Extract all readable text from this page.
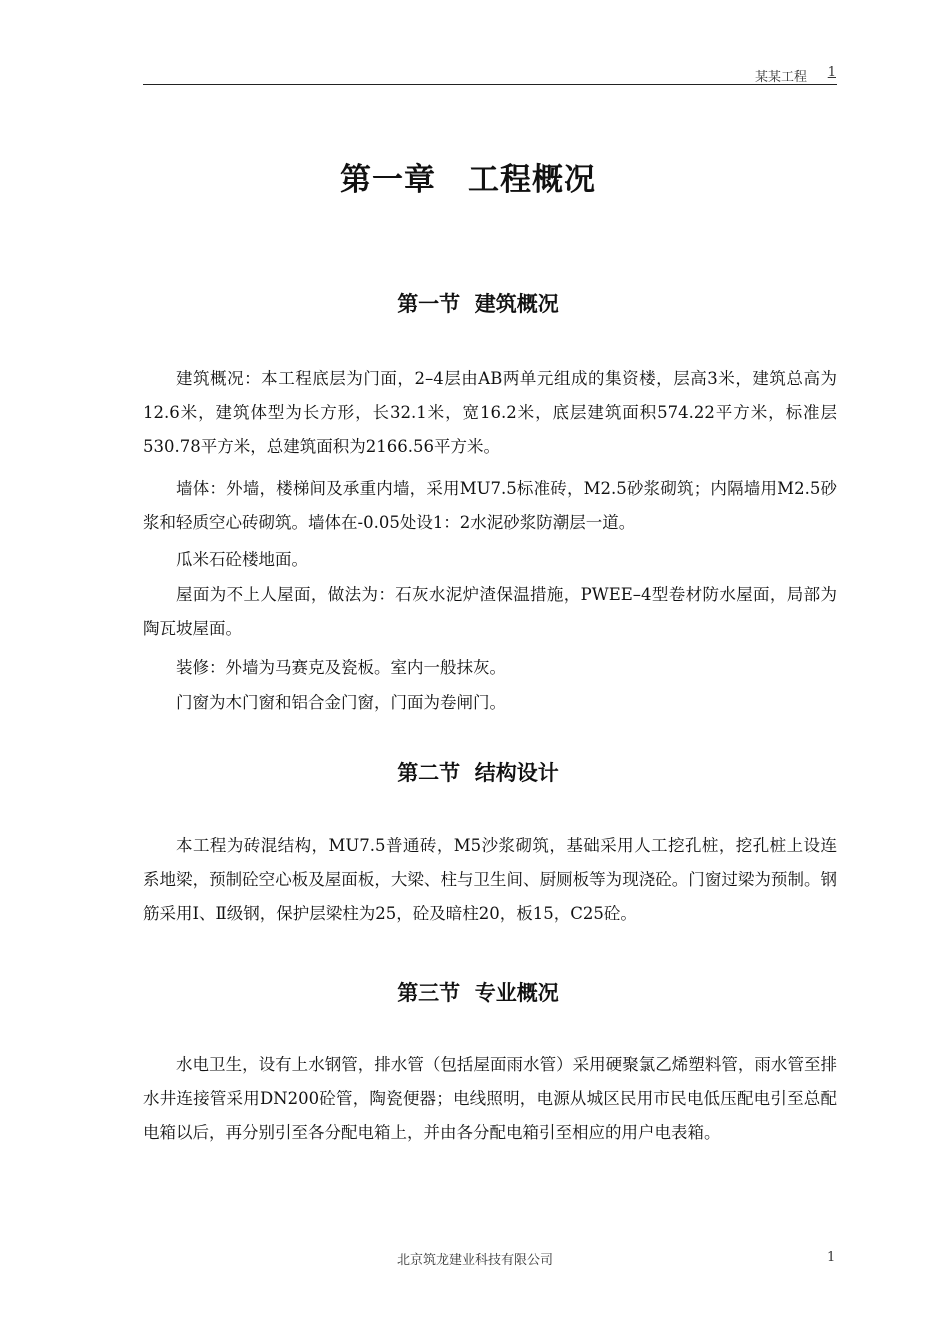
某某工程 1
第一章　工程概况
第一节  建筑概况

建筑概况：本工程底层为门面，2–4层由AB两单元组成的集资楼，层高3米，建筑总高为12.6米，建筑体型为长方形，长32.1米，宽16.2米，底层建筑面积574.22平方米，标准层530.78平方米，总建筑面积为2166.56平方米。

墙体：外墙，楼梯间及承重内墙，采用MU7.5标准砖，M2.5砂浆砌筑；内隔墙用M2.5砂浆和轻质空心砖砌筑。墙体在-0.05处设1：2水泥砂浆防潮层一道。

瓜米石砼楼地面。

屋面为不上人屋面，做法为：石灰水泥炉渣保温措施，PWEE–4型卷材防水屋面，局部为陶瓦坡屋面。

装修：外墙为马赛克及瓷板。室内一般抹灰。

门窗为木门窗和铝合金门窗，门面为卷闸门。

第二节  结构设计

本工程为砖混结构，MU7.5普通砖，M5沙浆砌筑，基础采用人工挖孔桩，挖孔桩上设连系地梁，预制砼空心板及屋面板，大梁、柱与卫生间、厨厕板等为现浇砼。门窗过梁为预制。钢筋采用I、Ⅱ级钢，保护层梁柱为25，砼及暗柱20，板15，C25砼。

第三节  专业概况

水电卫生，设有上水钢管，排水管（包括屋面雨水管）采用硬聚氯乙烯塑料管，雨水管至排水井连接管采用DN200砼管，陶瓷便器；电线照明，电源从城区民用市民电低压配电引至总配电箱以后，再分别引至各分配电箱上，并由各分配电箱引至相应的用户电表箱。

北京筑龙建业科技有限公司	1
